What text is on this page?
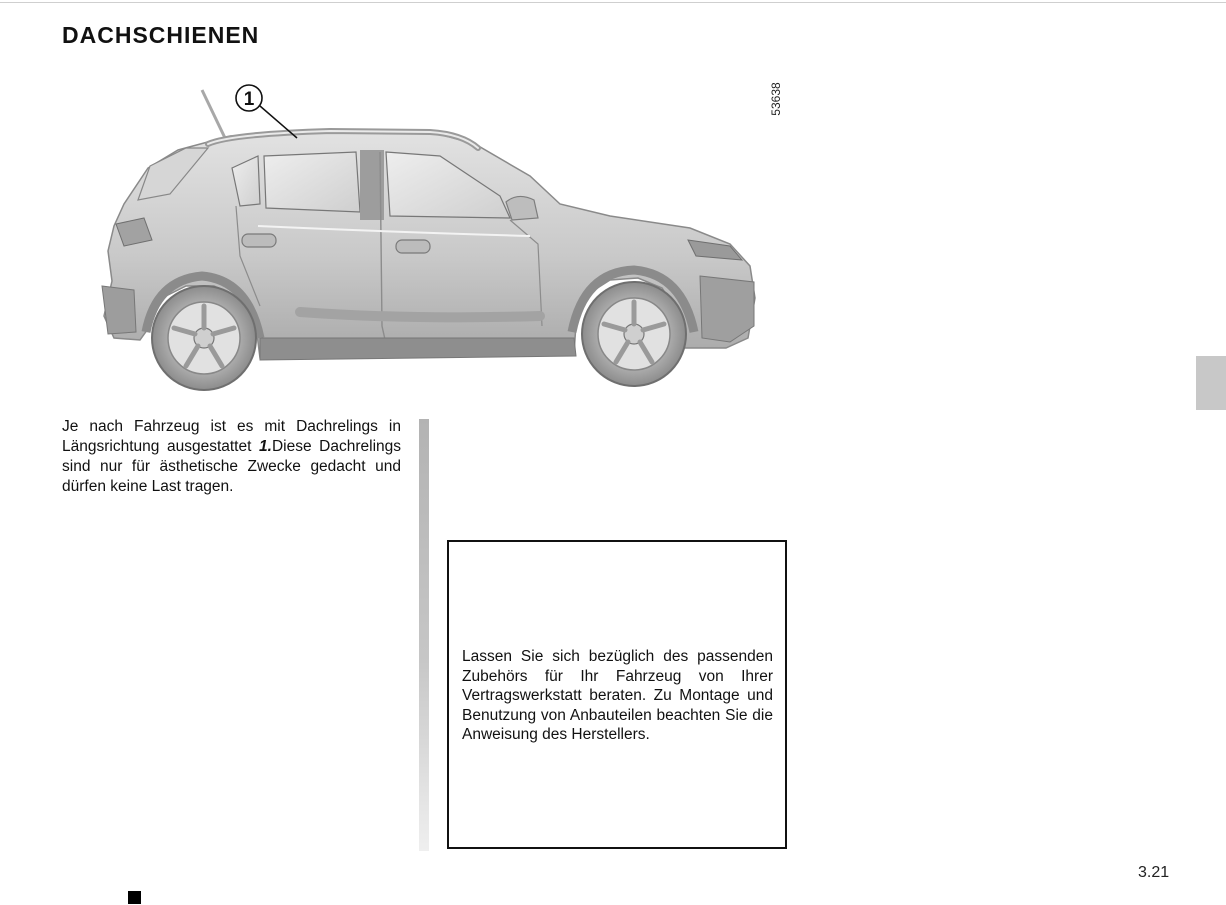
DACHSCHIENEN
53638
1

Je nach Fahrzeug ist es mit Dachrelings in Längsrichtung ausgestattet 1.Diese Dachrelings sind nur für ästhetische Zwecke gedacht und dürfen keine Last tragen.

Lassen Sie sich bezüglich des passenden Zubehörs für Ihr Fahrzeug von Ihrer Vertragswerkstatt beraten. Zu Montage und Benutzung von Anbauteilen beachten Sie die Anweisung des Herstellers.

3.21
